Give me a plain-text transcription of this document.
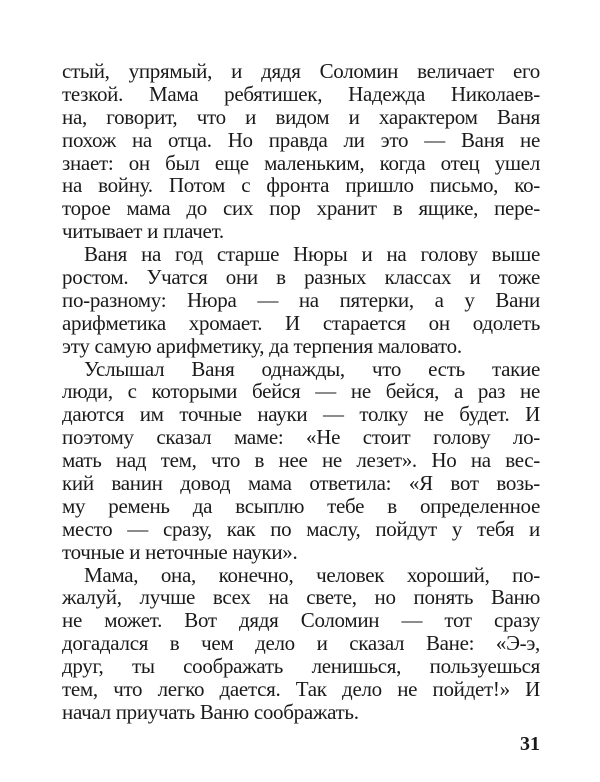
стый, упрямый, и дядя Соломин величает его
тезкой. Мама ребятишек, Надежда Николаев-
на, говорит, что и видом и характером Ваня
похож на отца. Но правда ли это — Ваня не
знает: он был еще маленьким, когда отец ушел
на войну. Потом с фронта пришло письмо, ко-
торое мама до сих пор хранит в ящике, пере-
читывает и плачет.
Ваня на год старше Нюры и на голову выше
ростом. Учатся они в разных классах и тоже
по-разному: Нюра — на пятерки, а у Вани
арифметика хромает. И старается он одолеть
эту самую арифметику, да терпения маловато.
Услышал Ваня однажды, что есть такие
люди, с которыми бейся — не бейся, а раз не
даются им точные науки — толку не будет. И
поэтому сказал маме: «Не стоит голову ло-
мать над тем, что в нее не лезет». Но на вес-
кий ванин довод мама ответила: «Я вот возь-
му ремень да всыплю тебе в определенное
место — сразу, как по маслу, пойдут у тебя и
точные и неточные науки».
Мама, она, конечно, человек хороший, по-
жалуй, лучше всех на свете, но понять Ваню
не может. Вот дядя Соломин — тот сразу
догадался в чем дело и сказал Ване: «Э-э,
друг, ты соображать ленишься, пользуешься
тем, что легко дается. Так дело не пойдет!» И
начал приучать Ваню соображать.
31
